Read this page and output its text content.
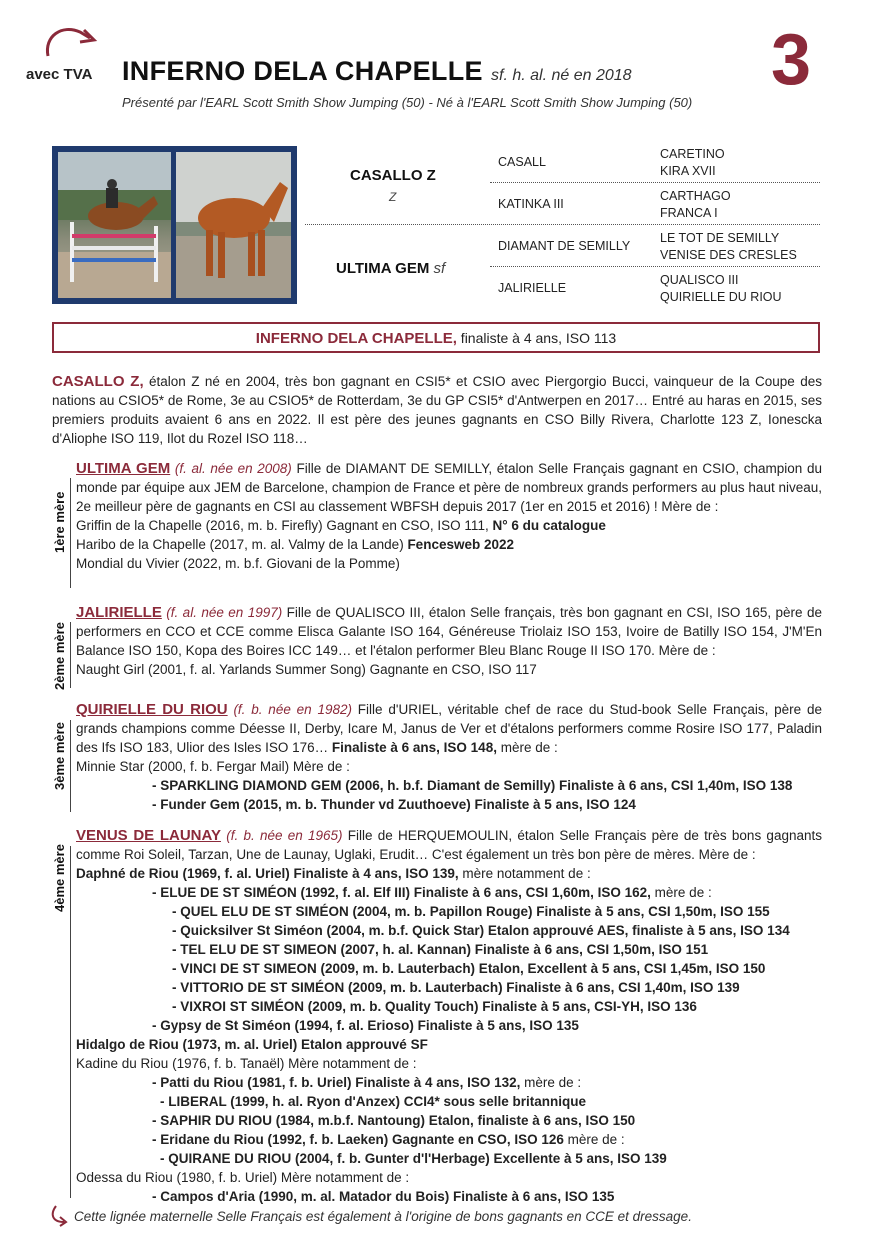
avec TVA INFERNO DELA CHAPELLE sf. h. al. né en 2018
Présenté par l'EARL Scott Smith Show Jumping (50) - Né à l'EARL Scott Smith Show Jumping (50)
3
CASALLO Z
Z
ULTIMA GEM sf
CASALL
KATINKA III
DIAMANT DE SEMILLY
JALIRIELLE
CARETINO
KIRA XVII
CARTHAGO
FRANCA I
LE TOT DE SEMILLY
VENISE DES CRESLES
QUALISCO III
QUIRIELLE DU RIOU
INFERNO DELA CHAPELLE, finaliste à 4 ans, ISO 113
CASALLO Z, étalon Z né en 2004, très bon gagnant en CSI5* et CSIO avec Piergorgio Bucci, vainqueur de la Coupe des nations au CSIO5* de Rome, 3e au CSIO5* de Rotterdam, 3e du GP CSI5* d'Antwerpen en 2017… Entré au haras en 2015, ses premiers produits avaient 6 ans en 2022. Il est père des jeunes gagnants en CSO Billy Rivera, Charlotte 123 Z, Ionescka d'Aliophe ISO 119, Ilot du Rozel ISO 118…
1ère mère
ULTIMA GEM (f. al. née en 2008) Fille de DIAMANT DE SEMILLY, étalon Selle Français gagnant en CSIO, champion du monde par équipe aux JEM de Barcelone, champion de France et père de nombreux grands performers au plus haut niveau, 2e meilleur père de gagnants en CSI au classement WBFSH depuis 2017 (1er en 2015 et 2016) ! Mère de :
Griffin de la Chapelle (2016, m. b. Firefly) Gagnant en CSO, ISO 111, N° 6 du catalogue
Haribo de la Chapelle (2017, m. al. Valmy de la Lande) Fencesweb 2022
Mondial du Vivier (2022, m. b.f. Giovani de la Pomme)
2ème mère
JALIRIELLE (f. al. née en 1997) Fille de QUALISCO III, étalon Selle français, très bon gagnant en CSI, ISO 165, père de performers en CCO et CCE comme Elisca Galante ISO 164, Généreuse Triolaiz ISO 153, Ivoire de Batilly ISO 154, J'M'En Balance ISO 150, Kopa des Boires ICC 149… et l'étalon performer Bleu Blanc Rouge II ISO 170. Mère de :
Naught Girl (2001, f. al. Yarlands Summer Song) Gagnante en CSO, ISO 117
3ème mère
QUIRIELLE DU RIOU (f. b. née en 1982) Fille d'URIEL, véritable chef de race du Stud-book Selle Français, père de grands champions comme Déesse II, Derby, Icare M, Janus de Ver et d'étalons performers comme Rosire ISO 177, Paladin des Ifs ISO 183, Ulior des Isles ISO 176… Finaliste à 6 ans, ISO 148, mère de :
Minnie Star (2000, f. b. Fergar Mail) Mère de :
- SPARKLING DIAMOND GEM (2006, h. b.f. Diamant de Semilly) Finaliste à 6 ans, CSI 1,40m, ISO 138
- Funder Gem (2015, m. b. Thunder vd Zuuthoeve) Finaliste à 5 ans, ISO 124
4ème mère
VENUS DE LAUNAY (f. b. née en 1965) Fille de HERQUEMOULIN, étalon Selle Français père de très bons gagnants comme Roi Soleil, Tarzan, Une de Launay, Uglaki, Erudit… C'est également un très bon père de mères. Mère de :
Daphné de Riou (1969, f. al. Uriel) Finaliste à 4 ans, ISO 139, mère notamment de :
- ELUE DE ST SIMÉON (1992, f. al. Elf III) Finaliste à 6 ans, CSI 1,60m, ISO 162, mère de :
- QUEL ELU DE ST SIMÉON (2004, m. b. Papillon Rouge) Finaliste à 5 ans, CSI 1,50m, ISO 155
- Quicksilver St Siméon (2004, m. b.f. Quick Star) Etalon approuvé AES, finaliste à 5 ans, ISO 134
- TEL ELU DE ST SIMEON (2007, h. al. Kannan) Finaliste à 6 ans, CSI 1,50m, ISO 151
- VINCI DE ST SIMEON (2009, m. b. Lauterbach) Etalon, Excellent à 5 ans, CSI 1,45m, ISO 150
- VITTORIO DE ST SIMÉON (2009, m. b. Lauterbach) Finaliste à 6 ans, CSI 1,40m, ISO 139
- VIXROI ST SIMÉON (2009, m. b. Quality Touch) Finaliste à 5 ans, CSI-YH, ISO 136
- Gypsy de St Siméon (1994, f. al. Erioso) Finaliste à 5 ans, ISO 135
Hidalgo de Riou (1973, m. al. Uriel) Etalon approuvé SF
Kadine du Riou (1976, f. b. Tanaël) Mère notamment de :
- Patti du Riou (1981, f. b. Uriel) Finaliste à 4 ans, ISO 132, mère de :
- LIBERAL (1999, h. al. Ryon d'Anzex) CCI4* sous selle britannique
- SAPHIR DU RIOU (1984, m.b.f. Nantoung) Etalon, finaliste à 6 ans, ISO 150
- Eridane du Riou (1992, f. b. Laeken) Gagnante en CSO, ISO 126 mère de :
- QUIRANE DU RIOU (2004, f. b. Gunter d'l'Herbage) Excellente à 5 ans, ISO 139
Odessa du Riou (1980, f. b. Uriel) Mère notamment de :
- Campos d'Aria (1990, m. al. Matador du Bois) Finaliste à 6 ans, ISO 135
Cette lignée maternelle Selle Français est également à l'origine de bons gagnants en CCE et dressage.
